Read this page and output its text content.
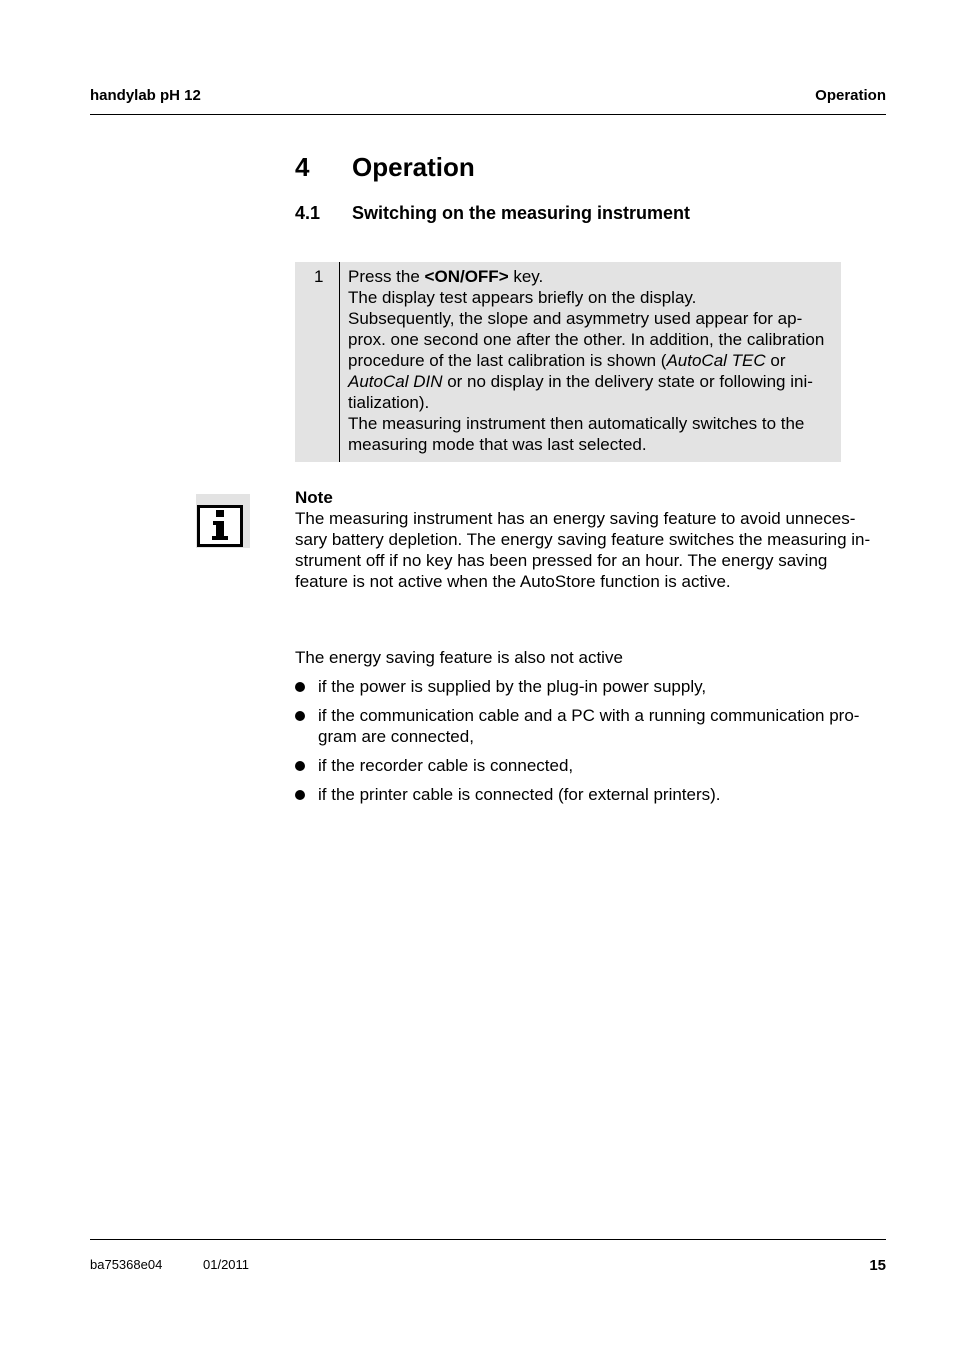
handylab pH 12	Operation
4 Operation
4.1 Switching on the measuring instrument
1 Press the <ON/OFF> key.
The display test appears briefly on the display.
Subsequently, the slope and asymmetry used appear for ap-
prox. one second one after the other. In addition, the calibration
procedure of the last calibration is shown (AutoCal TEC or
AutoCal DIN or no display in the delivery state or following ini-
tialization).
The measuring instrument then automatically switches to the
measuring mode that was last selected.
Note
The measuring instrument has an energy saving feature to avoid unneces-
sary battery depletion. The energy saving feature switches the measuring in-
strument off if no key has been pressed for an hour. The energy saving
feature is not active when the AutoStore function is active.
The energy saving feature is also not active
if the power is supplied by the plug-in power supply,
if the communication cable and a PC with a running communication pro-
gram are connected,
if the recorder cable is connected,
if the printer cable is connected (for external printers).
ba75368e04	01/2011	15
